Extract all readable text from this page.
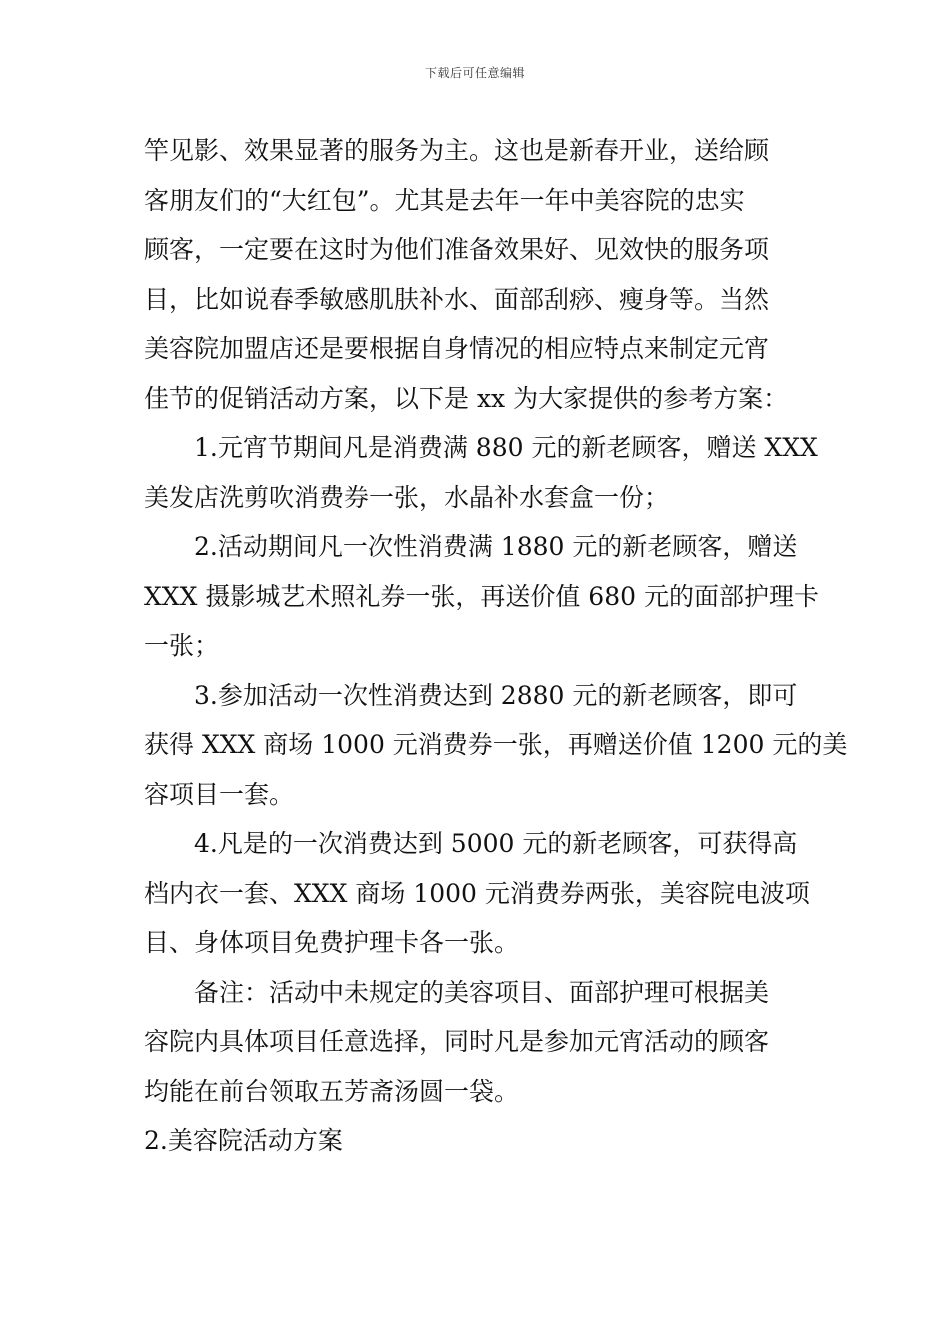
下载后可任意编辑

竿见影、效果显著的服务为主。这也是新春开业，送给顾
客朋友们的“大红包”。尤其是去年一年中美容院的忠实
顾客，一定要在这时为他们准备效果好、见效快的服务项
目，比如说春季敏感肌肤补水、面部刮痧、瘦身等。当然
美容院加盟店还是要根据自身情况的相应特点来制定元宵
佳节的促销活动方案，以下是 xx 为大家提供的参考方案：

1.元宵节期间凡是消费满 880 元的新老顾客，赠送 XXX
美发店洗剪吹消费券一张，水晶补水套盒一份；

2.活动期间凡一次性消费满 1880 元的新老顾客，赠送
XXX 摄影城艺术照礼券一张，再送价值 680 元的面部护理卡
一张；

3.参加活动一次性消费达到 2880 元的新老顾客，即可
获得 XXX 商场 1000 元消费券一张，再赠送价值 1200 元的美
容项目一套。

4.凡是的一次消费达到 5000 元的新老顾客，可获得高
档内衣一套、XXX 商场 1000 元消费券两张，美容院电波项
目、身体项目免费护理卡各一张。

备注：活动中未规定的美容项目、面部护理可根据美
容院内具体项目任意选择，同时凡是参加元宵活动的顾客
均能在前台领取五芳斋汤圆一袋。

2.美容院活动方案
